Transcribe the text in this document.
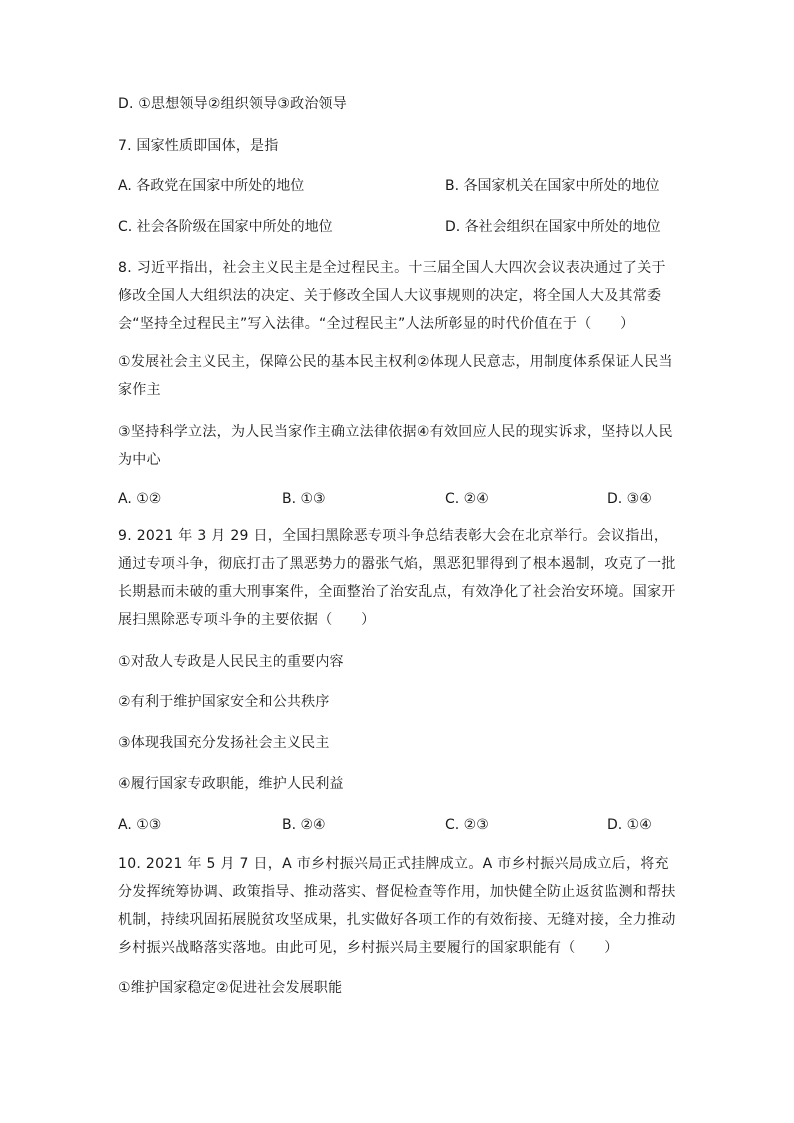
D. ①思想领导②组织领导③政治领导
7. 国家性质即国体，是指
A. 各政党在国家中所处的地位	B. 各国家机关在国家中所处的地位
C. 社会各阶级在国家中所处的地位	D. 各社会组织在国家中所处的地位
8. 习近平指出，社会主义民主是全过程民主。十三届全国人大四次会议表决通过了关于修改全国人大组织法的决定、关于修改全国人大议事规则的决定，将全国人大及其常委会“坚持全过程民主”写入法律。“全过程民主”人法所彰显的时代价值在于（　　）
①发展社会主义民主，保障公民的基本民主权利②体现人民意志，用制度体系保证人民当家作主
③坚持科学立法，为人民当家作主确立法律依据④有效回应人民的现实诉求，坚持以人民为中心
A. ①②	B. ①③	C. ②④	D. ③④
9. 2021 年 3 月 29 日，全国扫黑除恶专项斗争总结表彰大会在北京举行。会议指出，通过专项斗争，彻底打击了黑恶势力的嚣张气焰，黑恶犯罪得到了根本遏制，攻克了一批长期悬而未破的重大刑事案件，全面整治了治安乱点，有效净化了社会治安环境。国家开展扫黑除恶专项斗争的主要依据（　　）
①对敌人专政是人民民主的重要内容
②有利于维护国家安全和公共秩序
③体现我国充分发扬社会主义民主
④履行国家专政职能，维护人民利益
A. ①③	B. ②④	C. ②③	D. ①④
10. 2021 年 5 月 7 日，A 市乡村振兴局正式挂牌成立。A 市乡村振兴局成立后，将充分发挥统筹协调、政策指导、推动落实、督促检查等作用，加快健全防止返贫监测和帮扶机制，持续巩固拓展脱贫攻坚成果，扎实做好各项工作的有效衔接、无缝对接，全力推动乡村振兴战略落实落地。由此可见，乡村振兴局主要履行的国家职能有（　　）
①维护国家稳定②促进社会发展职能
